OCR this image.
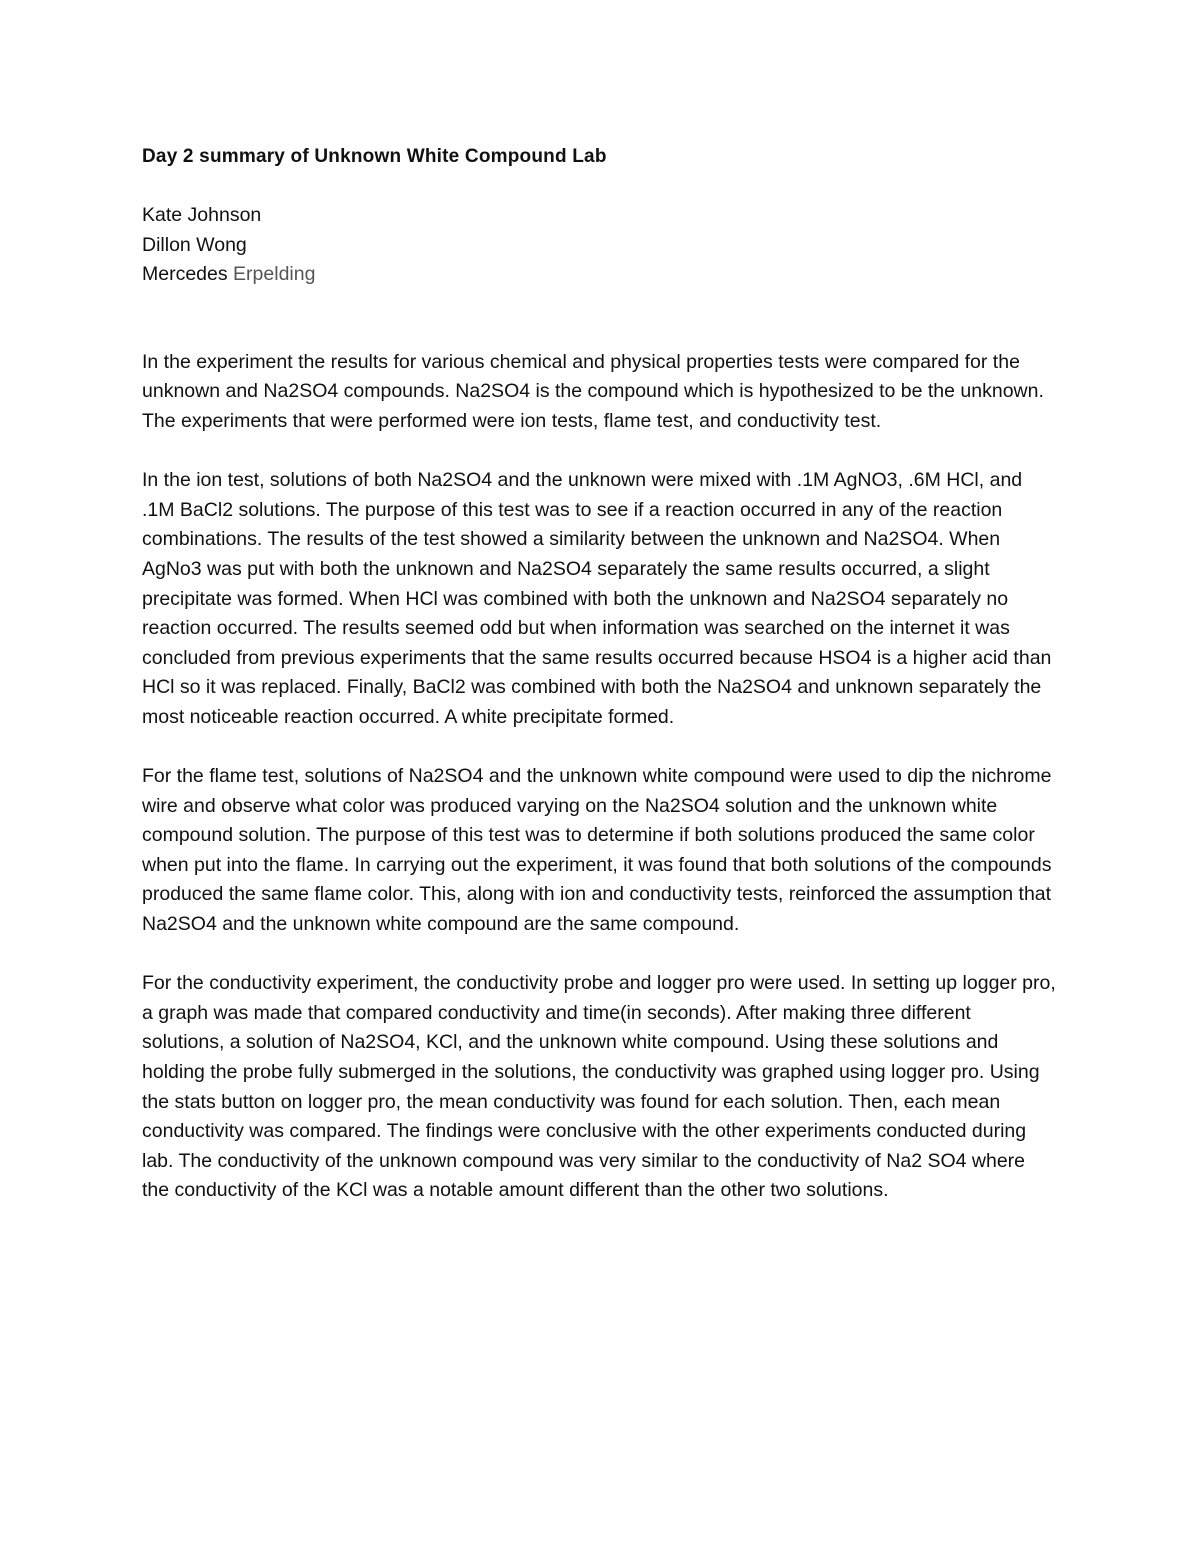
Day 2 summary of Unknown White Compound Lab
Kate Johnson
Dillon Wong
Mercedes Erpelding

In the experiment the results for various chemical and physical properties tests were compared for the unknown and Na2SO4 compounds. Na2SO4 is the compound which is hypothesized to be the unknown. The experiments that were performed were ion tests, flame test, and conductivity test.

In the ion test, solutions of both Na2SO4 and the unknown were mixed with .1M AgNO3, .6M HCl, and .1M BaCl2 solutions. The purpose of this test was to see if a reaction occurred in any of the reaction combinations. The results of the test showed a similarity between the unknown and Na2SO4. When AgNo3 was put with both the unknown and Na2SO4 separately the same results occurred, a slight precipitate was formed. When HCl was combined with both the unknown and Na2SO4 separately no reaction occurred. The results seemed odd but when information was searched on the internet it was concluded from previous experiments that the same results occurred because HSO4 is a higher acid than HCl so it was replaced. Finally, BaCl2 was combined with both the Na2SO4 and unknown separately the most noticeable reaction occurred. A white precipitate formed.

For the flame test, solutions of Na2SO4 and the unknown white compound were used to dip the nichrome wire and observe what color was produced varying on the Na2SO4 solution and the unknown white compound solution. The purpose of this test was to determine if both solutions produced the same color when put into the flame. In carrying out the experiment, it was found that both solutions of the compounds produced the same flame color. This, along with ion and conductivity tests, reinforced the assumption that Na2SO4 and the unknown white compound are the same compound.

For the conductivity experiment, the conductivity probe and logger pro were used. In setting up logger pro, a graph was made that compared conductivity and time(in seconds). After making three different solutions, a solution of Na2SO4, KCl, and the unknown white compound. Using these solutions and holding the probe fully submerged in the solutions, the conductivity was graphed using logger pro. Using the stats button on logger pro, the mean conductivity was found for each solution. Then, each mean conductivity was compared. The findings were conclusive with the other experiments conducted during lab. The conductivity of the unknown compound was very similar to the conductivity of Na2 SO4 where the conductivity of the KCl was a notable amount different than the other two solutions.
